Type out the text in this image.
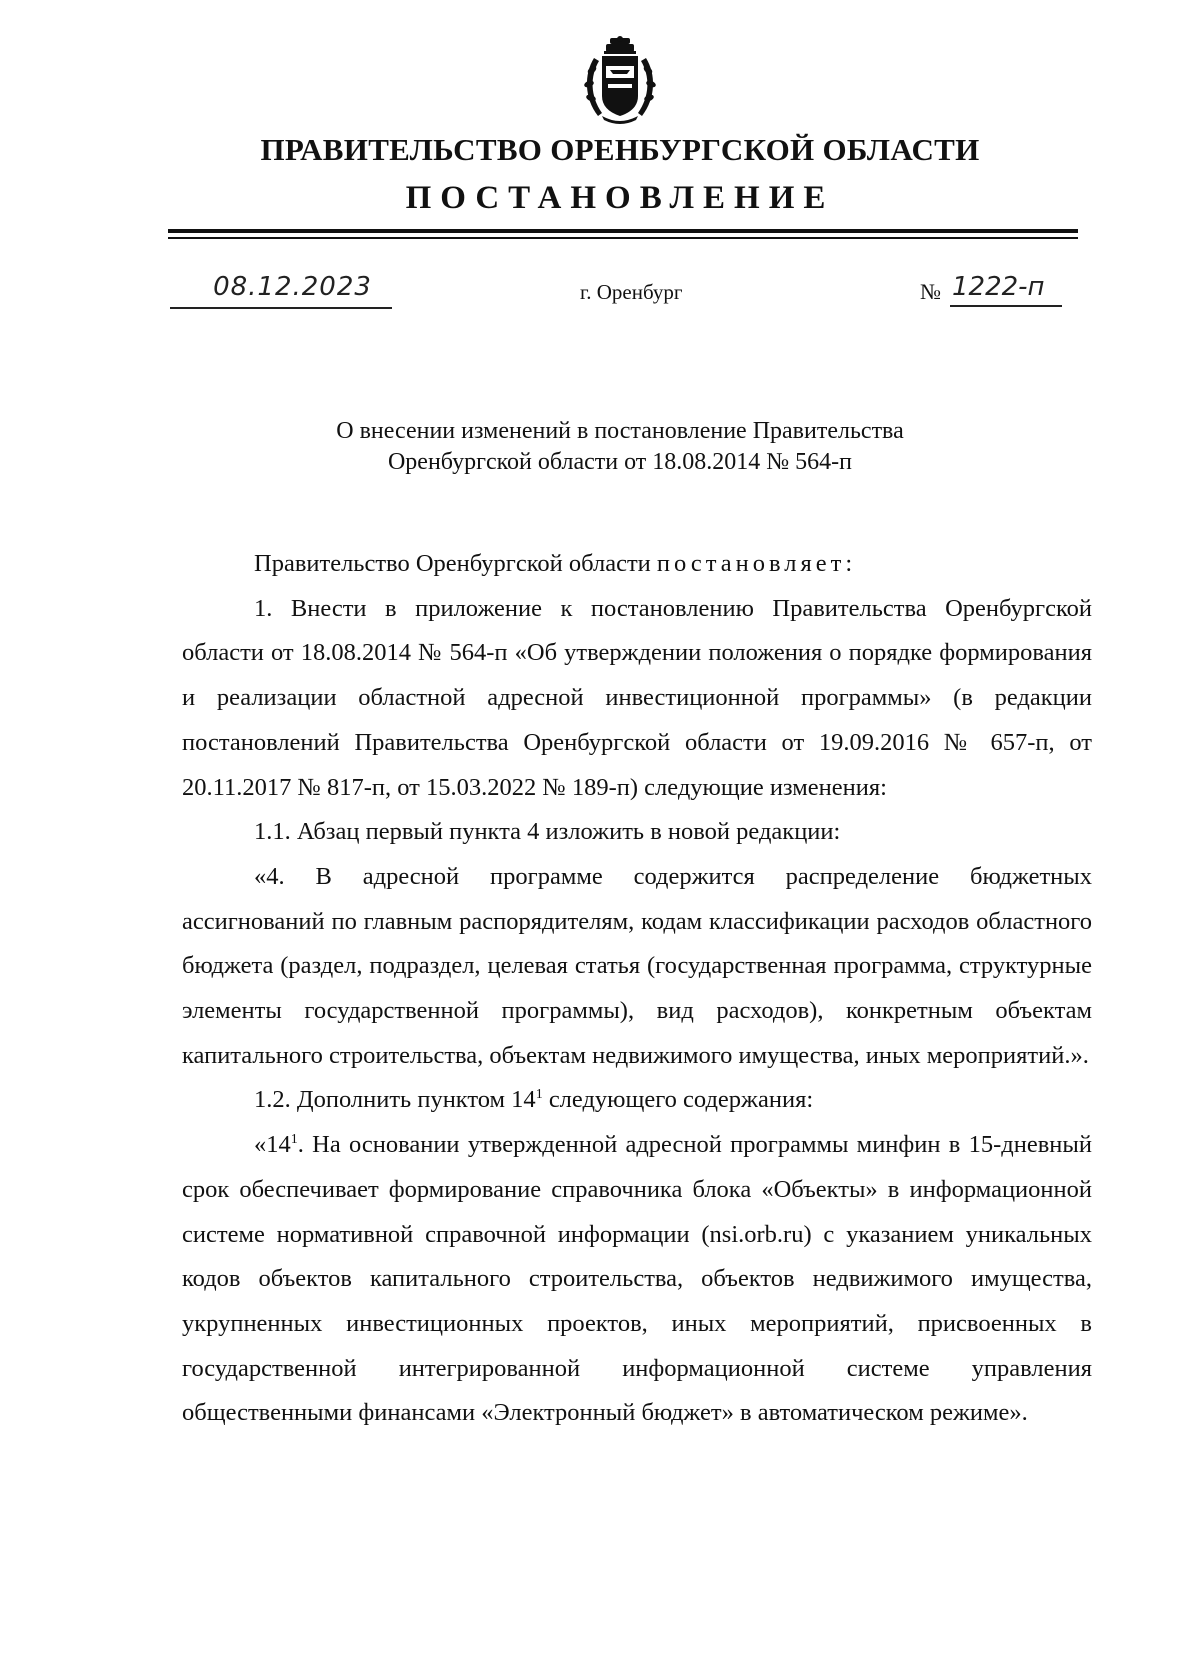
ПРАВИТЕЛЬСТВО ОРЕНБУРГСКОЙ ОБЛАСТИ
ПОСТАНОВЛЕНИЕ
08.12.2023	г. Оренбург	№ 1222-п
О внесении изменений в постановление Правительства
Оренбургской области от 18.08.2014 № 564-п

Правительство Оренбургской области постановляет:

1. Внести в приложение к постановлению Правительства Оренбургской области от 18.08.2014 № 564-п «Об утверждении положения о порядке формирования и реализации областной адресной инвестиционной программы» (в редакции постановлений Правительства Оренбургской области от 19.09.2016 № 657-п, от 20.11.2017 № 817-п, от 15.03.2022 № 189-п) следующие изменения:

1.1. Абзац первый пункта 4 изложить в новой редакции:

«4. В адресной программе содержится распределение бюджетных ассигнований по главным распорядителям, кодам классификации расходов областного бюджета (раздел, подраздел, целевая статья (государственная программа, структурные элементы государственной программы), вид расходов), конкретным объектам капитального строительства, объектам недвижимого имущества, иных мероприятий.».

1.2. Дополнить пунктом $14^1$ следующего содержания:

«$14^1$. На основании утвержденной адресной программы минфин в 15-дневный срок обеспечивает формирование справочника блока «Объекты» в информационной системе нормативной справочной информации (nsi.orb.ru) с указанием уникальных кодов объектов капитального строительства, объектов недвижимого имущества, укрупненных инвестиционных проектов, иных мероприятий, присвоенных в государственной интегрированной информационной системе управления общественными финансами «Электронный бюджет» в автоматическом режиме».
